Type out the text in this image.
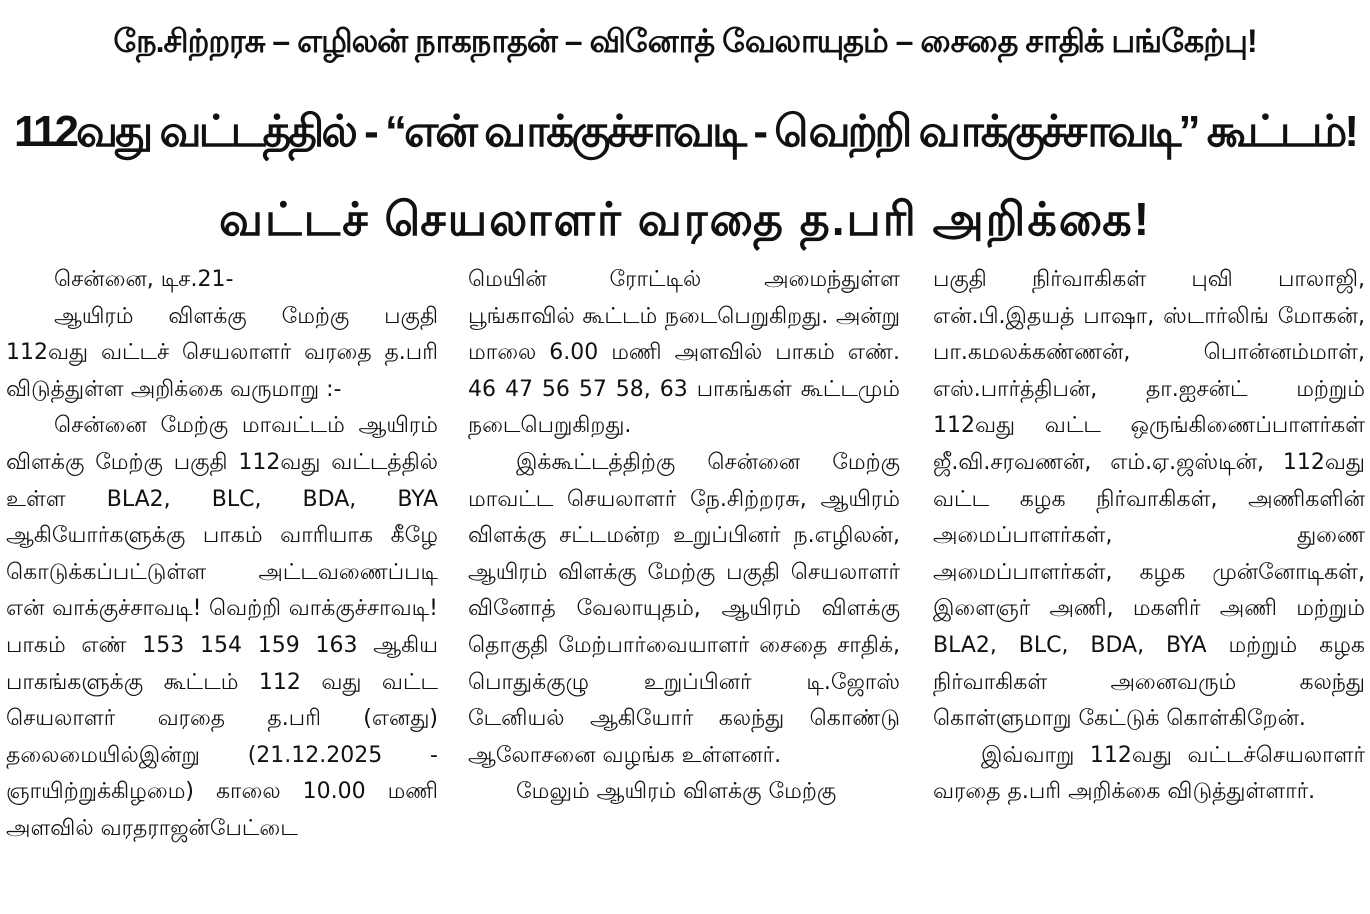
நே.சிற்றரசு – எழிலன் நாகநாதன் – வினோத் வேலாயுதம் – சைதை சாதிக் பங்கேற்பு!
112வது வட்டத்தில் - “என் வாக்குச்சாவடி - வெற்றி வாக்குச்சாவடி” கூட்டம்!
வட்டச் செயலாளர் வரதை த.பரி அறிக்கை!

சென்னை, டிச.21-

ஆயிரம் விளக்கு மேற்கு பகுதி 112வது வட்டச் செயலாளர் வரதை த.பரி விடுத்துள்ள அறிக்கை வருமாறு :-

சென்னை மேற்கு மாவட்டம் ஆயிரம் விளக்கு மேற்கு பகுதி 112வது வட்டத்தில் உள்ள BLA2, BLC, BDA, BYA ஆகியோர்களுக்கு பாகம் வாரியாக கீழே கொடுக்கப்பட்டுள்ள அட்டவணைப்படி என் வாக்குச்சாவடி! வெற்றி வாக்குச்சாவடி! பாகம் எண் 153 154 159 163 ஆகிய பாகங்களுக்கு கூட்டம் 112 வது வட்ட செயலாளர் வரதை த.பரி (எனது) தலைமையில்இன்று (21.12.2025 - ஞாயிற்றுக்கிழமை) காலை 10.00 மணி அளவில் வரதராஜன்பேட்டை

மெயின் ரோட்டில் அமைந்துள்ள பூங்காவில் கூட்டம் நடைபெறுகிறது. அன்று மாலை 6.00 மணி அளவில் பாகம் எண். 46 47 56 57 58, 63 பாகங்கள் கூட்டமும் நடைபெறுகிறது.

இக்கூட்டத்திற்கு சென்னை மேற்கு மாவட்ட செயலாளர் நே.சிற்றரசு, ஆயிரம் விளக்கு சட்டமன்ற உறுப்பினர் ந.எழிலன், ஆயிரம் விளக்கு மேற்கு பகுதி செயலாளர் வினோத் வேலாயுதம், ஆயிரம் விளக்கு தொகுதி மேற்பார்வையாளர் சைதை சாதிக், பொதுக்குழு உறுப்பினர் டி.ஜோஸ் டேனியல் ஆகியோர் கலந்து கொண்டு ஆலோசனை வழங்க உள்ளனர்.

மேலும் ஆயிரம் விளக்கு மேற்கு

பகுதி நிர்வாகிகள் புவி பாலாஜி, என்.பி.இதயத் பாஷா, ஸ்டார்லிங் மோகன், பா.கமலக்கண்ணன், பொன்னம்மாள், எஸ்.பார்த்திபன், தா.ஐசன்ட் மற்றும் 112வது வட்ட ஒருங்கிணைப்பாளர்கள் ஜீ.வி.சரவணன், எம்.ஏ.ஜஸ்டின், 112வது வட்ட கழக நிர்வாகிகள், அணிகளின் அமைப்பாளர்கள், துணை அமைப்பாளர்கள், கழக முன்னோடிகள், இளைஞர் அணி, மகளிர் அணி மற்றும் BLA2, BLC, BDA, BYA மற்றும் கழக நிர்வாகிகள் அனைவரும் கலந்து கொள்ளுமாறு கேட்டுக் கொள்கிறேன்.

இவ்வாறு 112வது வட்டச்செயலாளர் வரதை த.பரி அறிக்கை விடுத்துள்ளார்.
